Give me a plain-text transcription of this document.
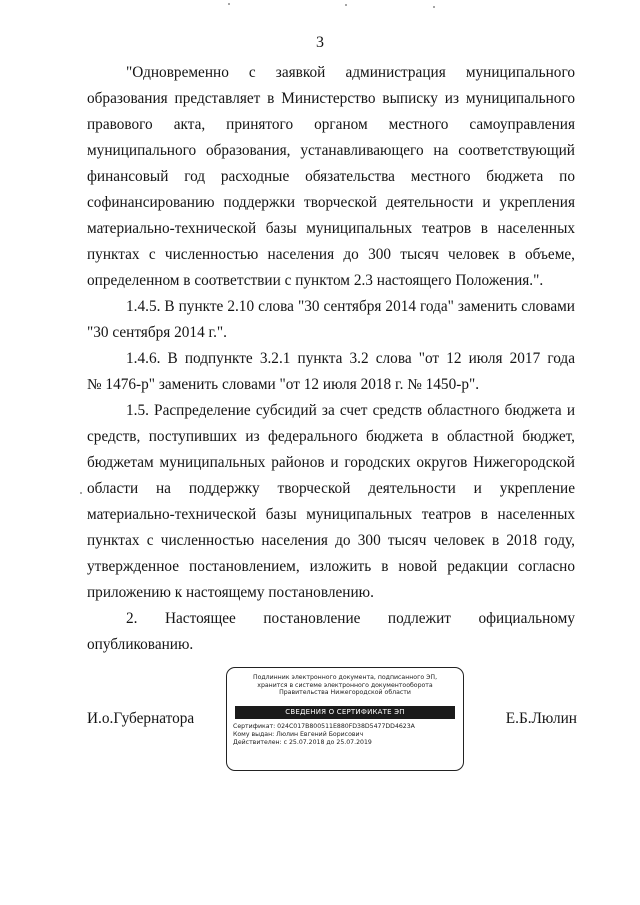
3
"Одновременно с заявкой администрация муниципального
образования представляет в Министерство выписку из муниципального
правового акта, принятого органом местного самоуправления
муниципального образования, устанавливающего на соответствующий
финансовый год расходные обязательства местного бюджета по
софинансированию поддержки творческой деятельности и укрепления
материально-технической базы муниципальных театров в населенных
пунктах с численностью населения до 300 тысяч человек в объеме,
определенном в соответствии с пунктом 2.3 настоящего Положения.".
1.4.5. В пункте 2.10 слова "30 сентября 2014 года" заменить словами
"30 сентября 2014 г.".
1.4.6. В подпункте 3.2.1 пункта 3.2 слова "от 12 июля 2017 года
№ 1476-р" заменить словами "от 12 июля 2018 г. № 1450-р".
1.5. Распределение субсидий за счет средств областного бюджета и
средств, поступивших из федерального бюджета в областной бюджет,
бюджетам муниципальных районов и городских округов Нижегородской
области на поддержку творческой деятельности и укрепление
материально-технической базы муниципальных театров в населенных
пунктах с численностью населения до 300 тысяч человек в 2018 году,
утвержденное постановлением, изложить в новой редакции согласно
приложению к настоящему постановлению.
2. Настоящее постановление подлежит официальному
опубликованию.
Подлинник электронного документа, подписанного ЭП,
хранится в системе электронного документооборота
Правительства Нижегородской области
СВЕДЕНИЯ О СЕРТИФИКАТЕ ЭП
Сертификат: 024C017B800511E880FD38D5477DD4623A
Кому выдан: Люлин Евгений Борисович
Действителен: с 25.07.2018 до 25.07.2019
И.о.Губернатора	Е.Б.Люлин
